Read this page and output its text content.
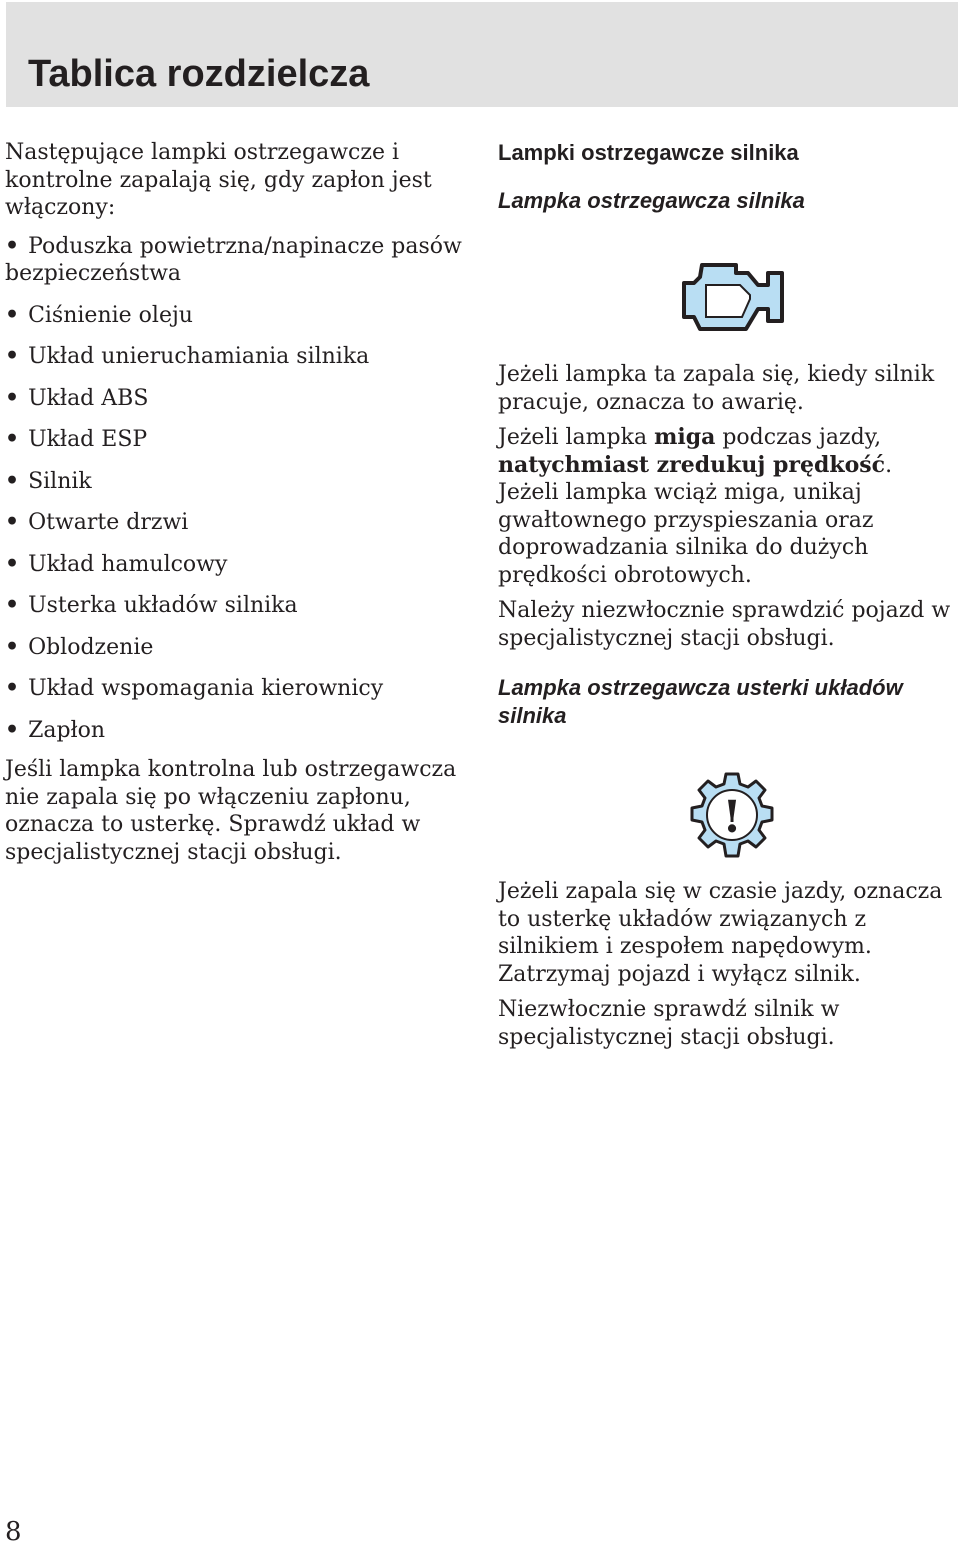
Tablica rozdzielcza

Następujące lampki ostrzegawcze i kontrolne zapalają się, gdy zapłon jest włączony:

• Poduszka powietrzna/napinacze pasów bezpieczeństwa
• Ciśnienie oleju
• Układ unieruchamiania silnika
• Układ ABS
• Układ ESP
• Silnik
• Otwarte drzwi
• Układ hamulcowy
• Usterka układów silnika
• Oblodzenie
• Układ wspomagania kierownicy
• Zapłon

Jeśli lampka kontrolna lub ostrzegawcza nie zapala się po włączeniu zapłonu, oznacza to usterkę. Sprawdź układ w specjalistycznej stacji obsługi.

Lampki ostrzegawcze silnika
Lampka ostrzegawcza silnika

Jeżeli lampka ta zapala się, kiedy silnik pracuje, oznacza to awarię.

Jeżeli lampka miga podczas jazdy, natychmiast zredukuj prędkość. Jeżeli lampka wciąż miga, unikaj gwałtownego przyspieszania oraz doprowadzania silnika do dużych prędkości obrotowych.

Należy niezwłocznie sprawdzić pojazd w specjalistycznej stacji obsługi.

Lampka ostrzegawcza usterki układów silnika
!

Jeżeli zapala się w czasie jazdy, oznacza to usterkę układów związanych z silnikiem i zespołem napędowym. Zatrzymaj pojazd i wyłącz silnik.

Niezwłocznie sprawdź silnik w specjalistycznej stacji obsługi.

8
